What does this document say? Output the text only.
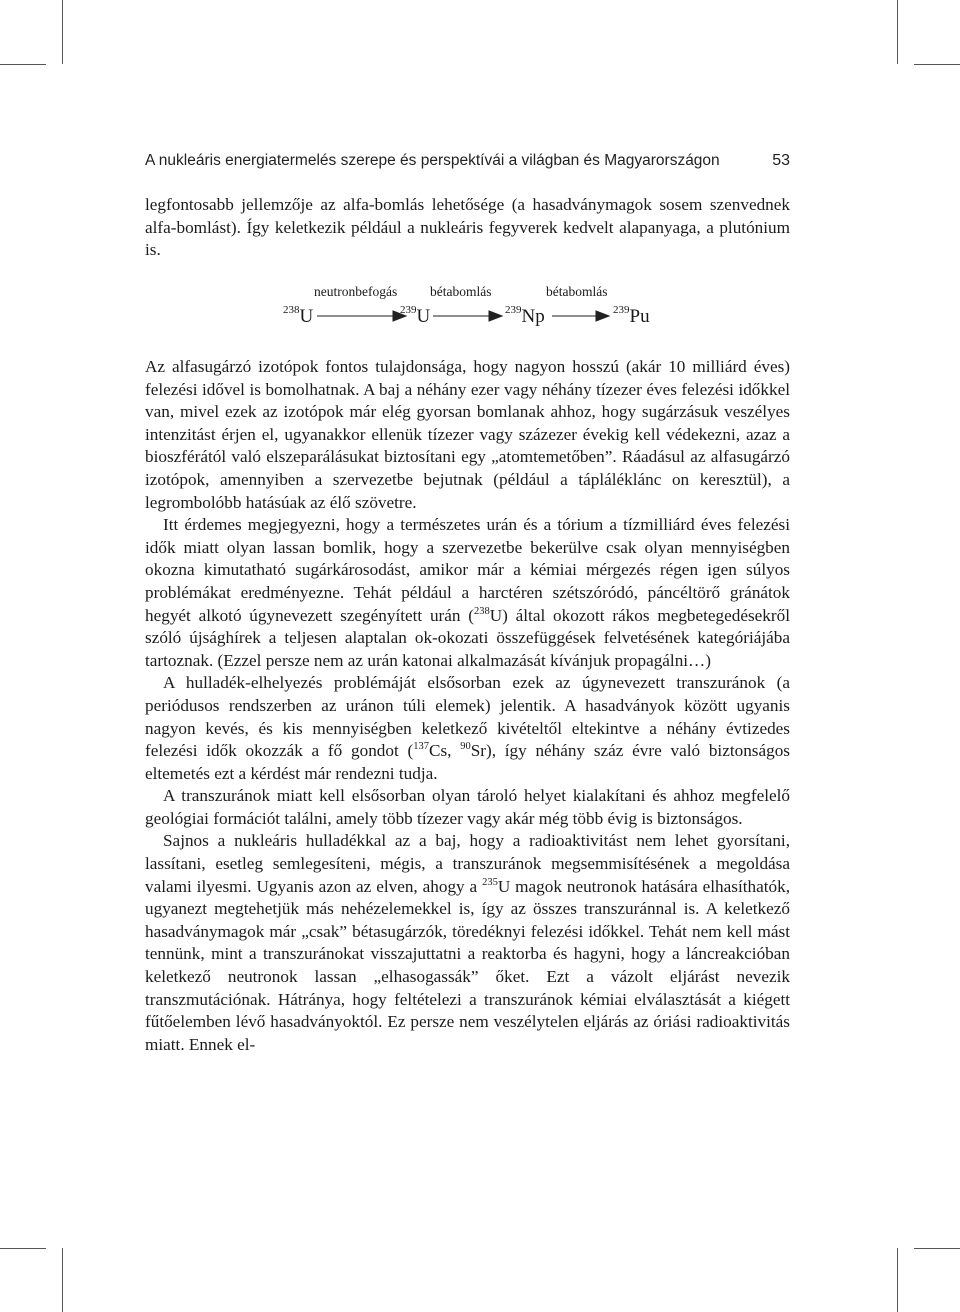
A nukleáris energiatermelés szerepe és perspektívái a világban és Magyarországon	53

legfontosabb jellemzője az alfa-bomlás lehetősége (a hasadványmagok sosem szenvednek alfa-bomlást). Így keletkezik például a nukleáris fegyverek kedvelt alapanyaga, a plutónium is.

neutronbefogás bétabomlás	bétabomlás
$^{238}$U	$^{239}$U	$^{239}$Np	$^{239}$Pu

Az alfasugárzó izotópok fontos tulajdonsága, hogy nagyon hosszú (akár 10 milliárd éves) felezési idővel is bomolhatnak. A baj a néhány ezer vagy néhány tízezer éves felezési időkkel van, mivel ezek az izotópok már elég gyorsan bomlanak ahhoz, hogy sugárzásuk veszélyes intenzitást érjen el, ugyanakkor ellenük tízezer vagy százezer évekig kell védekezni, azaz a bioszférától való elszeparálásukat biztosítani egy „atomtemetőben”. Ráadásul az alfasugárzó izotópok, amennyiben a szervezetbe bejutnak (például a tápláléklánc on keresztül), a legrombolóbb hatásúak az élő szövetre.

Itt érdemes megjegyezni, hogy a természetes urán és a tórium a tízmilliárd éves felezési idők miatt olyan lassan bomlik, hogy a szervezetbe bekerülve csak olyan mennyiségben okozna kimutatható sugárkárosodást, amikor már a kémiai mérgezés régen igen súlyos problémákat eredményezne. Tehát például a harctéren szétszóródó, páncéltörő gránátok hegyét alkotó úgynevezett szegényített urán ($^{238}$U) által okozott rákos megbetegedésekről szóló újsághírek a teljesen alaptalan ok-okozati összefüggések felvetésének kategóriájába tartoznak. (Ezzel persze nem az urán katonai alkalmazását kívánjuk propagálni…)

A hulladék-elhelyezés problémáját elsősorban ezek az úgynevezett transzuránok (a periódusos rendszerben az uránon túli elemek) jelentik. A hasadványok között ugyanis nagyon kevés, és kis mennyiségben keletkező kivételtől eltekintve a néhány évtizedes felezési idők okozzák a fő gondot ($^{137}$Cs, $^{90}$Sr), így néhány száz évre való biztonságos eltemetés ezt a kérdést már rendezni tudja.

A transzuránok miatt kell elsősorban olyan tároló helyet kialakítani és ahhoz megfelelő geológiai formációt találni, amely több tízezer vagy akár még több évig is biztonságos.

Sajnos a nukleáris hulladékkal az a baj, hogy a radioaktivitást nem lehet gyorsítani, lassítani, esetleg semlegesíteni, mégis, a transzuránok megsemmisítésének a megoldása valami ilyesmi. Ugyanis azon az elven, ahogy a $^{235}$U magok neutronok hatására elhasíthatók, ugyanezt megtehetjük más nehézelemekkel is, így az összes transzuránnal is. A keletkező hasadványmagok már „csak” bétasugárzók, töredéknyi felezési időkkel. Tehát nem kell mást tennünk, mint a transzuránokat visszajuttatni a reaktorba és hagyni, hogy a láncreakcióban keletkező neutronok lassan „elhasogassák” őket. Ezt a vázolt eljárást nevezik transzmutációnak. Hátránya, hogy feltételezi a transzuránok kémiai elválasztását a kiégett fűtőelemben lévő hasadványoktól. Ez persze nem veszélytelen eljárás az óriási radioaktivitás miatt. Ennek el-
